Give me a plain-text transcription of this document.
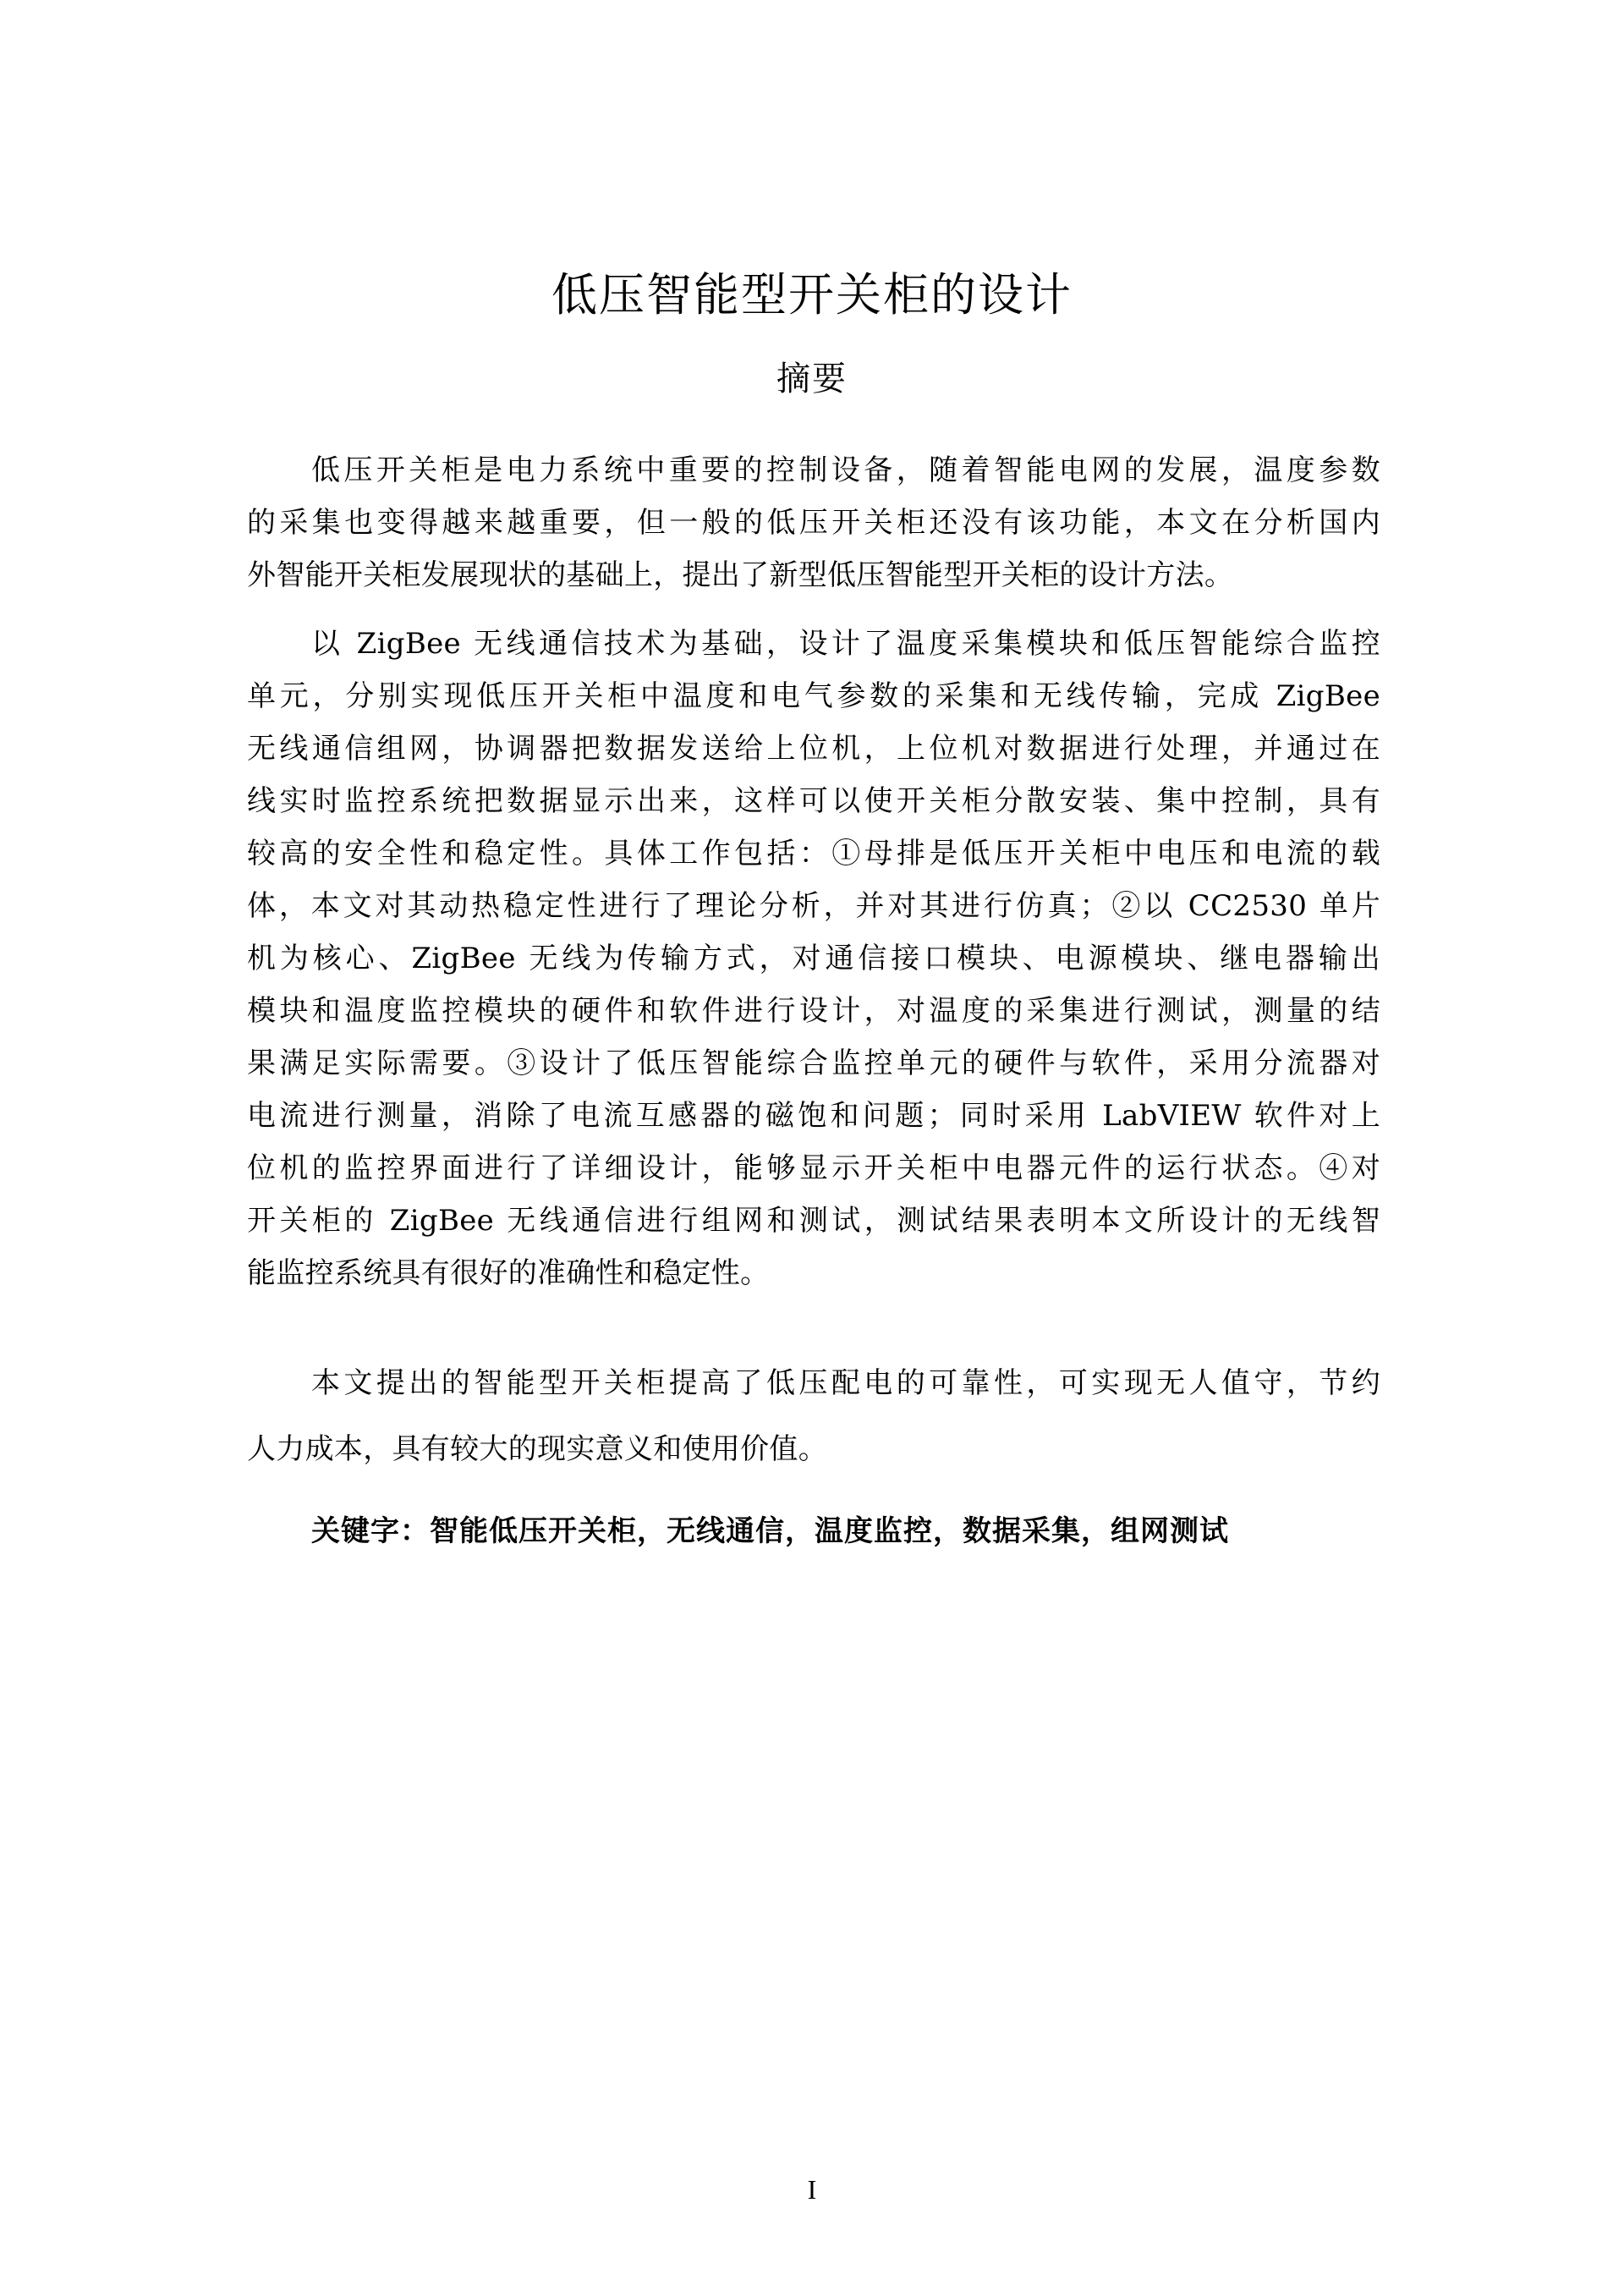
低压智能型开关柜的设计
摘要
低压开关柜是电力系统中重要的控制设备，随着智能电网的发展，温度参数
的采集也变得越来越重要，但一般的低压开关柜还没有该功能，本文在分析国内
外智能开关柜发展现状的基础上，提出了新型低压智能型开关柜的设计方法。
以 ZigBee 无线通信技术为基础，设计了温度采集模块和低压智能综合监控
单元，分别实现低压开关柜中温度和电气参数的采集和无线传输，完成 ZigBee
无线通信组网，协调器把数据发送给上位机，上位机对数据进行处理，并通过在
线实时监控系统把数据显示出来，这样可以使开关柜分散安装、集中控制，具有
较高的安全性和稳定性。具体工作包括：①母排是低压开关柜中电压和电流的载
体，本文对其动热稳定性进行了理论分析，并对其进行仿真；②以 CC2530 单片
机为核心、ZigBee 无线为传输方式，对通信接口模块、电源模块、继电器输出
模块和温度监控模块的硬件和软件进行设计，对温度的采集进行测试，测量的结
果满足实际需要。③设计了低压智能综合监控单元的硬件与软件，采用分流器对
电流进行测量，消除了电流互感器的磁饱和问题；同时采用 LabVIEW 软件对上
位机的监控界面进行了详细设计，能够显示开关柜中电器元件的运行状态。④对
开关柜的 ZigBee 无线通信进行组网和测试，测试结果表明本文所设计的无线智
能监控系统具有很好的准确性和稳定性。
本文提出的智能型开关柜提高了低压配电的可靠性，可实现无人值守，节约
人力成本，具有较大的现实意义和使用价值。
关键字：智能低压开关柜，无线通信，温度监控，数据采集，组网测试
I
